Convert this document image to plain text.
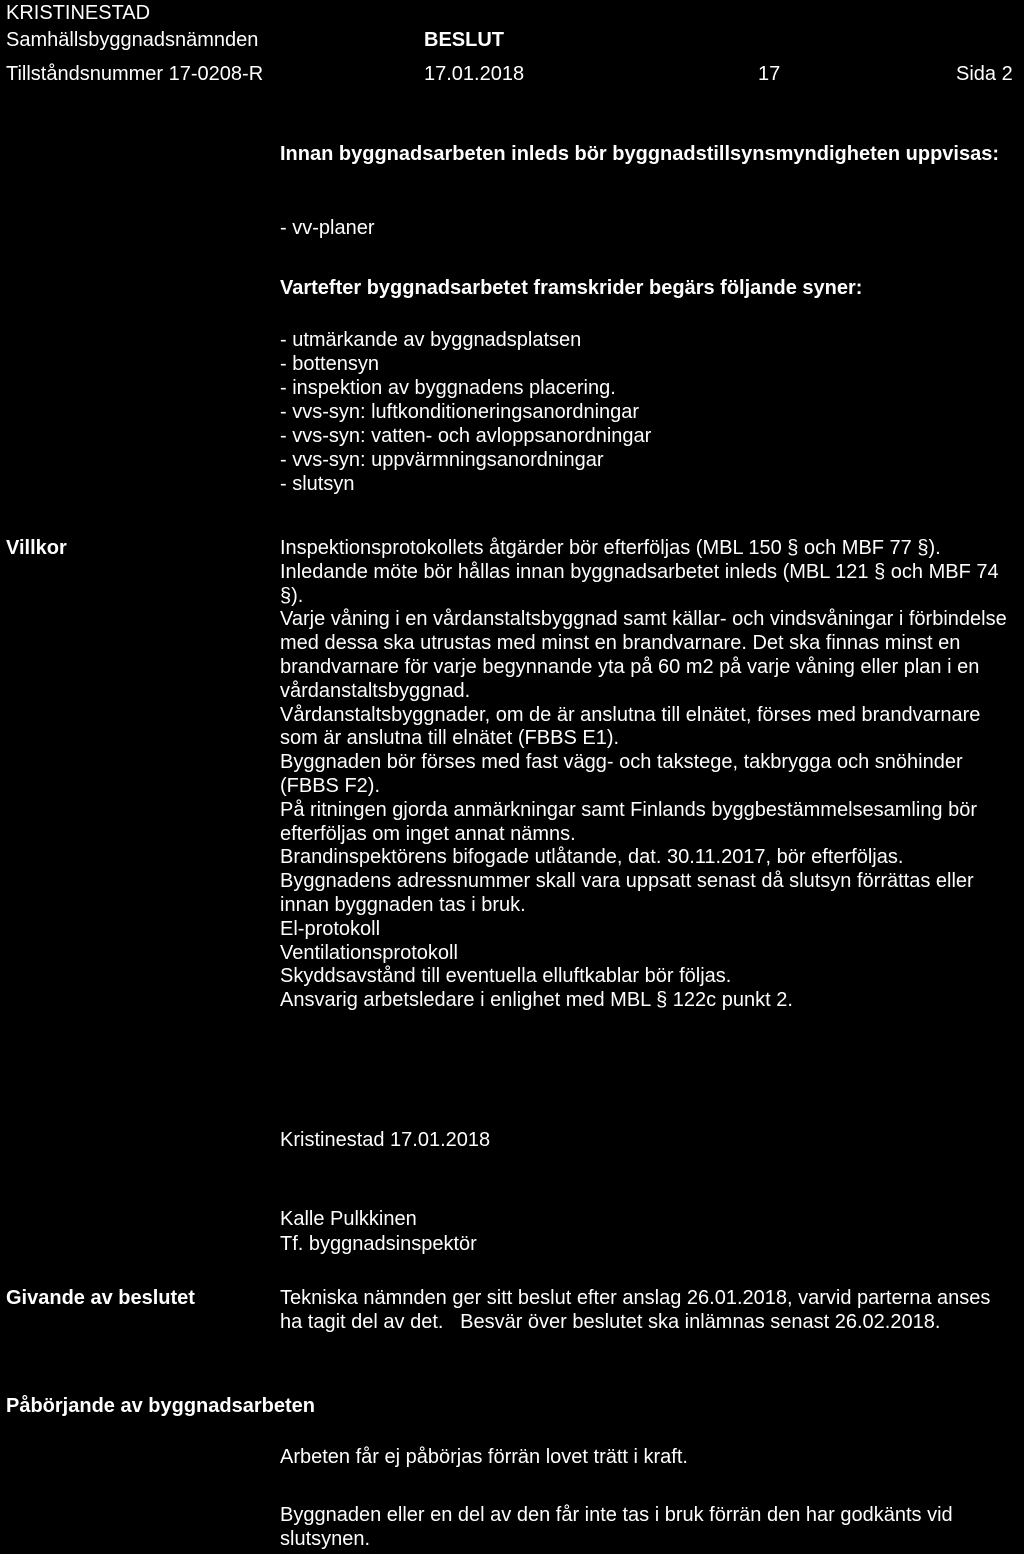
KRISTINESTAD
Samhällsbyggnadsnämnden	BESLUT
Tillståndsnummer 17-0208-R	17.01.2018	17	Sida 2
Innan byggnadsarbeten inleds bör byggnadstillsynsmyndigheten uppvisas:
- vv-planer
Vartefter byggnadsarbetet framskrider begärs följande syner:
- utmärkande av byggnadsplatsen
- bottensyn
- inspektion av byggnadens placering.
- vvs-syn: luftkonditioneringsanordningar
- vvs-syn: vatten- och avloppsanordningar
- vvs-syn: uppvärmningsanordningar
- slutsyn
Villkor	Inspektionsprotokollets åtgärder bör efterföljas (MBL 150 § och MBF 77 §).

Inledande möte bör hållas innan byggnadsarbetet inleds (MBL 121 § och MBF 74 §).

Varje våning i en vårdanstaltsbyggnad samt källar- och vindsvåningar i förbindelse med dessa ska utrustas med minst en brandvarnare. Det ska finnas minst en brandvarnare för varje begynnande yta på 60 m2 på varje våning eller plan i en vårdanstaltsbyggnad.

Vårdanstaltsbyggnader, om de är anslutna till elnätet, förses med brandvarnare som är anslutna till elnätet (FBBS E1).

Byggnaden bör förses med fast vägg- och takstege, takbrygga och snöhinder (FBBS F2).

På ritningen gjorda anmärkningar samt Finlands byggbestämmelsesamling bör efterföljas om inget annat nämns.

Brandinspektörens bifogade utlåtande, dat. 30.11.2017, bör efterföljas.

Byggnadens adressnummer skall vara uppsatt senast då slutsyn förrättas eller innan byggnaden tas i bruk.

El-protokoll

Ventilationsprotokoll

Skyddsavstånd till eventuella elluftkablar bör följas.

Ansvarig arbetsledare i enlighet med MBL § 122c punkt 2.

Kristinestad 17.01.2018
Kalle Pulkkinen
Tf. byggnadsinspektör
Givande av beslutet	Tekniska nämnden ger sitt beslut efter anslag 26.01.2018, varvid parterna anses ha tagit del av det.   Besvär över beslutet ska inlämnas senast 26.02.2018.
Påbörjande av byggnadsarbeten
Arbeten får ej påbörjas förrän lovet trätt i kraft.
Byggnaden eller en del av den får inte tas i bruk förrän den har godkänts vid slutsynen.
